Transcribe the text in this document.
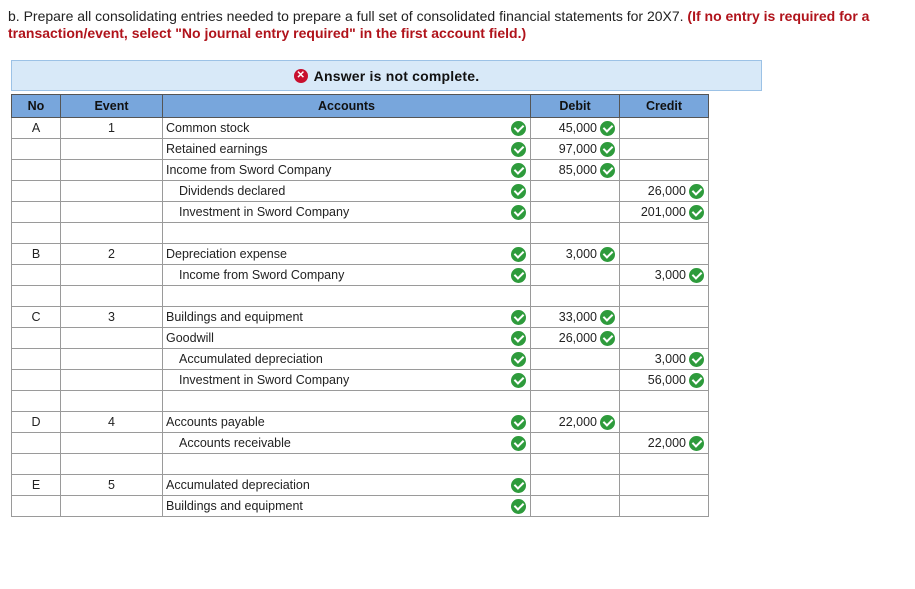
b. Prepare all consolidating entries needed to prepare a full set of consolidated financial statements for 20X7. (If no entry is required for a transaction/event, select "No journal entry required" in the first account field.)
✕ Answer is not complete.
No	Event	Accounts	Debit	Credit
A	1	Common stock	45,000	

		Retained earnings	97,000	

		Income from Sword Company	85,000	

		Dividends declared		26,000

		Investment in Sword Company		201,000

B	2	Depreciation expense	3,000	

		Income from Sword Company		3,000

C	3	Buildings and equipment	33,000	

		Goodwill	26,000	

		Accumulated depreciation		3,000

		Investment in Sword Company		56,000

D	4	Accounts payable	22,000	

		Accounts receivable		22,000

E	5	Accumulated depreciation		

		Buildings and equipment		
